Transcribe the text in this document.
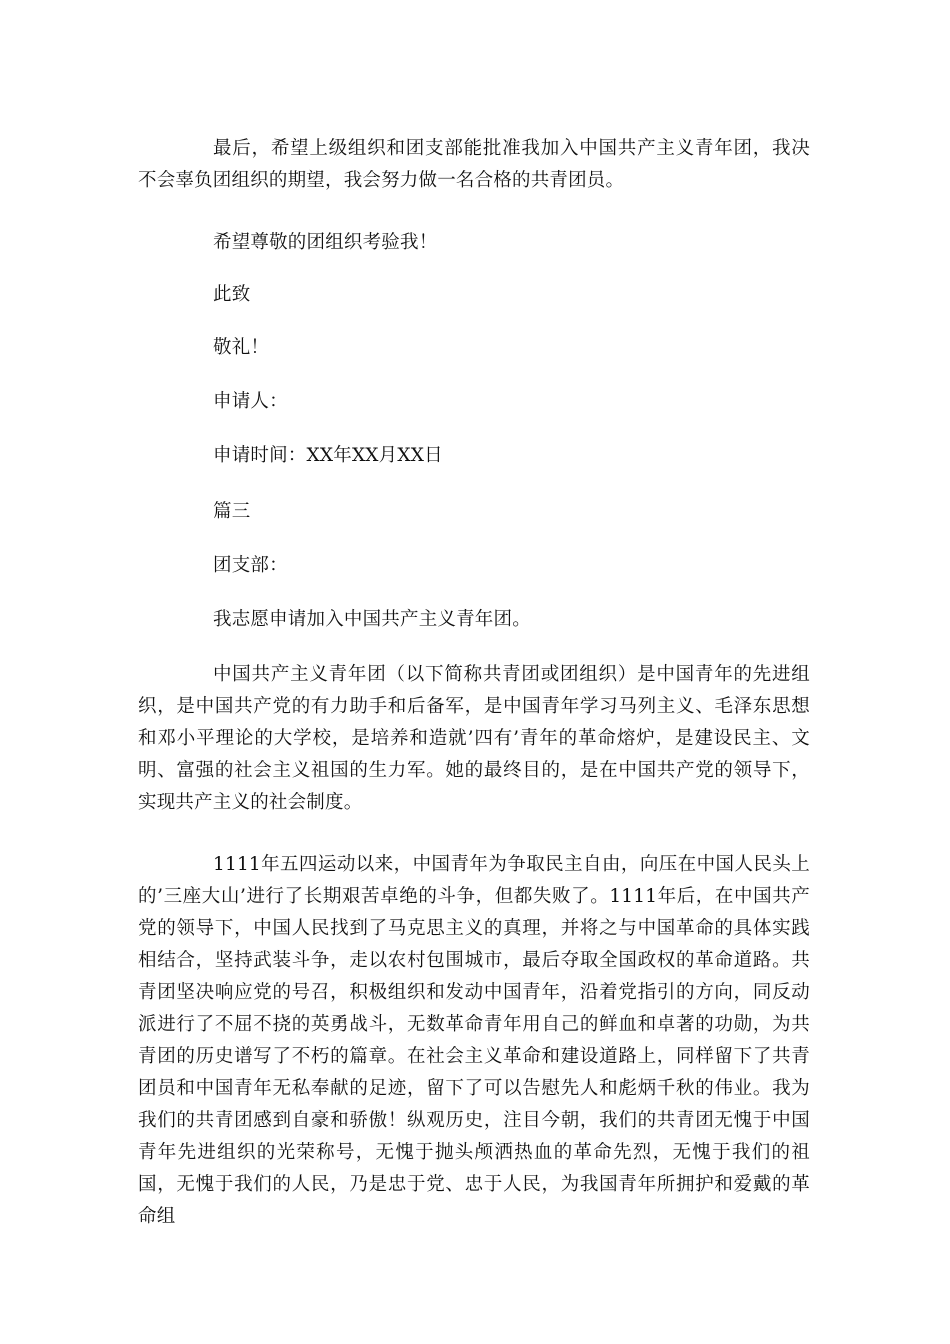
最后，希望上级组织和团支部能批准我加入中国共产主义青年团，我决不会辜负团组织的期望，我会努力做一名合格的共青团员。

希望尊敬的团组织考验我！

此致

敬礼！

申请人：

申请时间：XX年XX月XX日

篇三

团支部：

我志愿申请加入中国共产主义青年团。

中国共产主义青年团（以下简称共青团或团组织）是中国青年的先进组织，是中国共产党的有力助手和后备军，是中国青年学习马列主义、毛泽东思想和邓小平理论的大学校，是培养和造就’四有’青年的革命熔炉，是建设民主、文明、富强的社会主义祖国的生力军。她的最终目的，是在中国共产党的领导下，实现共产主义的社会制度。

1111年五四运动以来，中国青年为争取民主自由，向压在中国人民头上的’三座大山’进行了长期艰苦卓绝的斗争，但都失败了。1111年后，在中国共产党的领导下，中国人民找到了马克思主义的真理，并将之与中国革命的具体实践相结合，坚持武装斗争，走以农村包围城市，最后夺取全国政权的革命道路。共青团坚决响应党的号召，积极组织和发动中国青年，沿着党指引的方向，同反动派进行了不屈不挠的英勇战斗，无数革命青年用自己的鲜血和卓著的功勋，为共青团的历史谱写了不朽的篇章。在社会主义革命和建设道路上，同样留下了共青团员和中国青年无私奉献的足迹，留下了可以告慰先人和彪炳千秋的伟业。我为我们的共青团感到自豪和骄傲！纵观历史，注目今朝，我们的共青团无愧于中国青年先进组织的光荣称号，无愧于抛头颅洒热血的革命先烈，无愧于我们的祖国，无愧于我们的人民，乃是忠于党、忠于人民，为我国青年所拥护和爱戴的革命组
